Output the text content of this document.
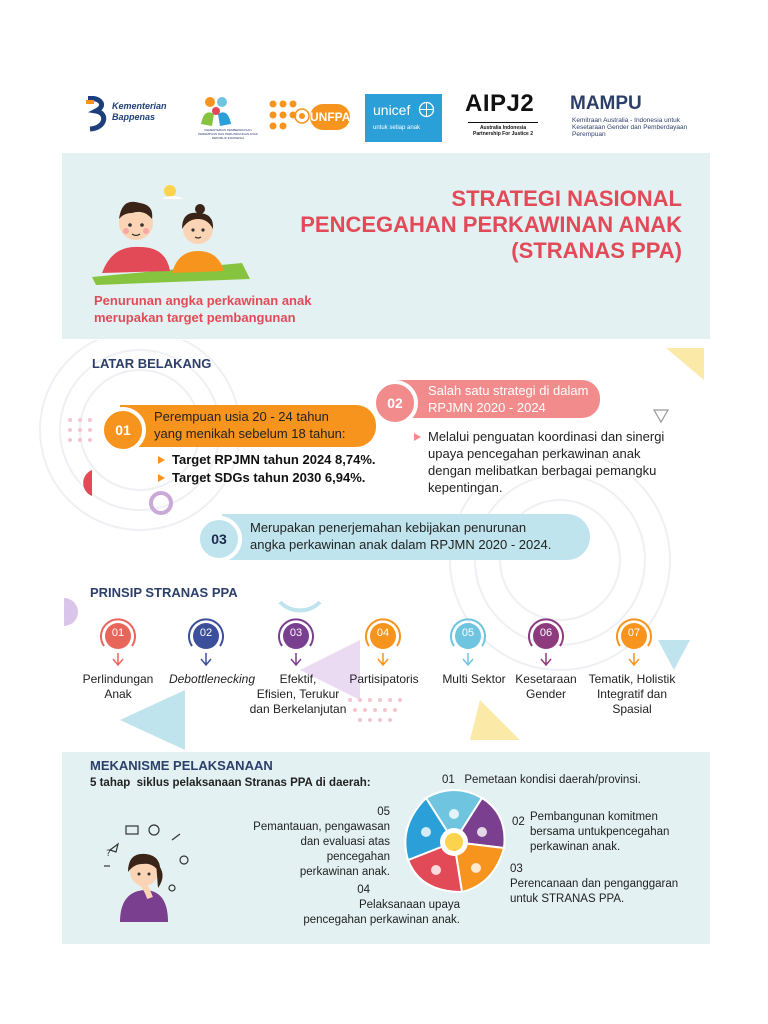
Kementerian
Bappenas
KEMENTERIAN PEMBERDAYAAN PEREMPUAN DAN PERLINDUNGAN ANAK REPUBLIK INDONESIA
UNFPA unicef
untuk setiap anak
AIPJ2
Australia Indonesia Partnership For Justice 2
MAMPU
Kemitraan Australia - Indonesia untuk Kesetaraan Gender dan Pemberdayaan Perempuan
STRATEGI NASIONAL
PENCEGAHAN PERKAWINAN ANAK
(STRANAS PPA)
Penurunan angka perkawinan anak
merupakan target pembangunan
LATAR BELAKANG
Perempuan usia 20 - 24 tahun
yang menikah sebelum 18 tahun:
01
Target RPJMN tahun 2024 8,74%.
Target SDGs tahun 2030 6,94%.
Salah satu strategi di dalam
RPJMN 2020 - 2024 adalah:
02
Melalui penguatan koordinasi dan sinergi
upaya pencegahan perkawinan anak
dengan melibatkan berbagai pemangku
kepentingan.
Merupakan penerjemahan kebijakan penurunan
angka perkawinan anak dalam RPJMN 2020 - 2024.
03
PRINSIP STRANAS PPA
01
Perlindungan
Anak
02
Debottlenecking
03
Efektif,
Efisien, Terukur
dan Berkelanjutan
04
Partisipatoris
05
Multi Sektor
06
Kesetaraan
Gender
07
Tematik, Holistik
Integratif dan
Spasial
MEKANISME PELAKSANAAN
5 tahap  siklus pelaksanaan Stranas PPA di daerah:
?
01 Pemetaan kondisi daerah/provinsi.
02 Pembangunan komitmen
bersama untukpencegahan
perkawinan anak.
03
Perencanaan dan penganggaran
untuk STRANAS PPA.
04
Pelaksanaan upaya
pencegahan perkawinan anak.
05
Pemantauan, pengawasan
dan evaluasi atas
pencegahan
perkawinan anak.
